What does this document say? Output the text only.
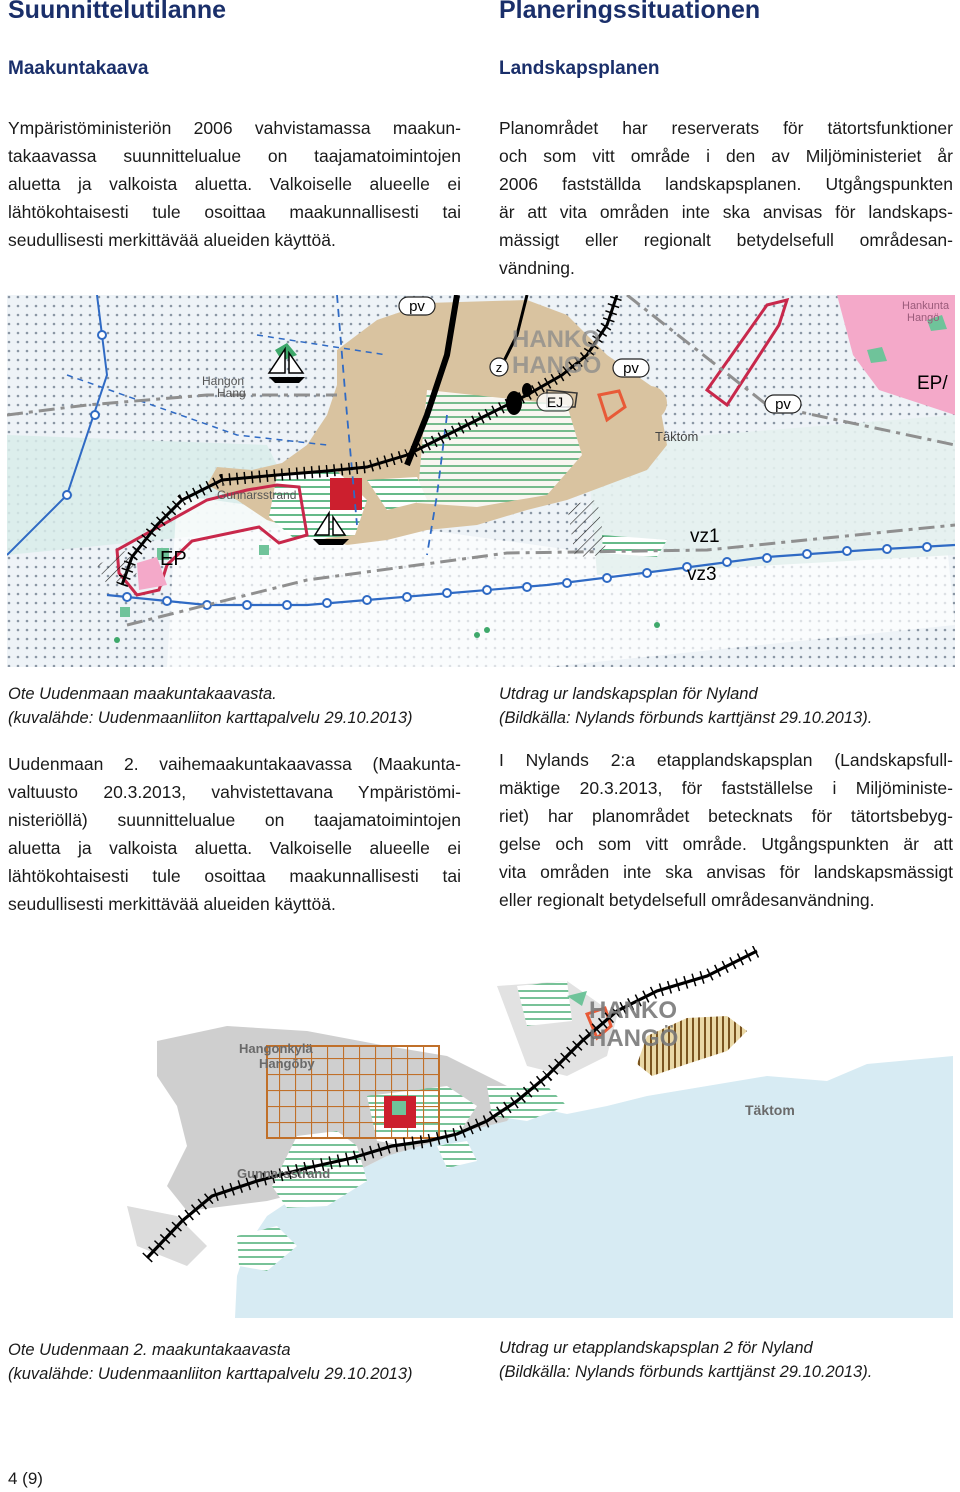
Suunnittelutilanne
Maakuntakaava
Ympäristöministeriön 2006 vahvistamassa maakun-
takaavassa suunnittelualue on taajamatoimintojen
aluetta ja valkoista aluetta. Valkoiselle alueelle ei
lähtökohtaisesti tule osoittaa maakunnallisesti tai
seudullisesti merkittävää alueiden käyttöä.
Planeringssituationen
Landskapsplanen
Planområdet har reserverats för tätortsfunktioner
och som vitt område i den av Miljöministeriet år
2006 fastställda landskapsplanen. Utgångspunkten
är att vita områden inte ska anvisas för landskaps-
mässigt eller regionalt betydelsefull områdesan-
vändning.
pv
pv
pv
z
EJ
HANKO
HANGÖ
EP/
Hangon
Hang
Täktom
Gunnarsstrand
EP
vz1
vz3
Hankunta
Hangö
Ote Uudenmaan maakuntakaavasta.
(kuvalähde: Uudenmaanliiton karttapalvelu 29.10.2013)
Utdrag ur landskapsplan för Nyland
(Bildkälla: Nylands förbunds karttjänst 29.10.2013).
Uudenmaan 2. vaihemaakuntakaavassa (Maakunta-
valtuusto 20.3.2013, vahvistettavana Ympäristömi-
nisteriöllä) suunnittelualue on taajamatoimintojen
aluetta ja valkoista aluetta. Valkoiselle alueelle ei
lähtökohtaisesti tule osoittaa maakunnallisesti tai
seudullisesti merkittävää alueiden käyttöä.
I Nylands 2:a etapplandskapsplan (Landskapsfull-
mäktige 20.3.2013, för fastställelse i Miljöministe-
riet) har planområdet betecknats för tätortsbebyg-
gelse och som vitt område. Utgångspunkten är att
vita områden inte ska anvisas för landskapsmässigt
eller regionalt betydelsefull områdesanvändning.
HANKO
HANGÖ
Hangonkylä
Hangöby
Täktom
Gunnarsstrand
Ote Uudenmaan 2. maakuntakaavasta
(kuvalähde: Uudenmaanliiton karttapalvelu 29.10.2013)
Utdrag ur etapplandskapsplan 2 för Nyland
(Bildkälla: Nylands förbunds karttjänst 29.10.2013).
4 (9)
